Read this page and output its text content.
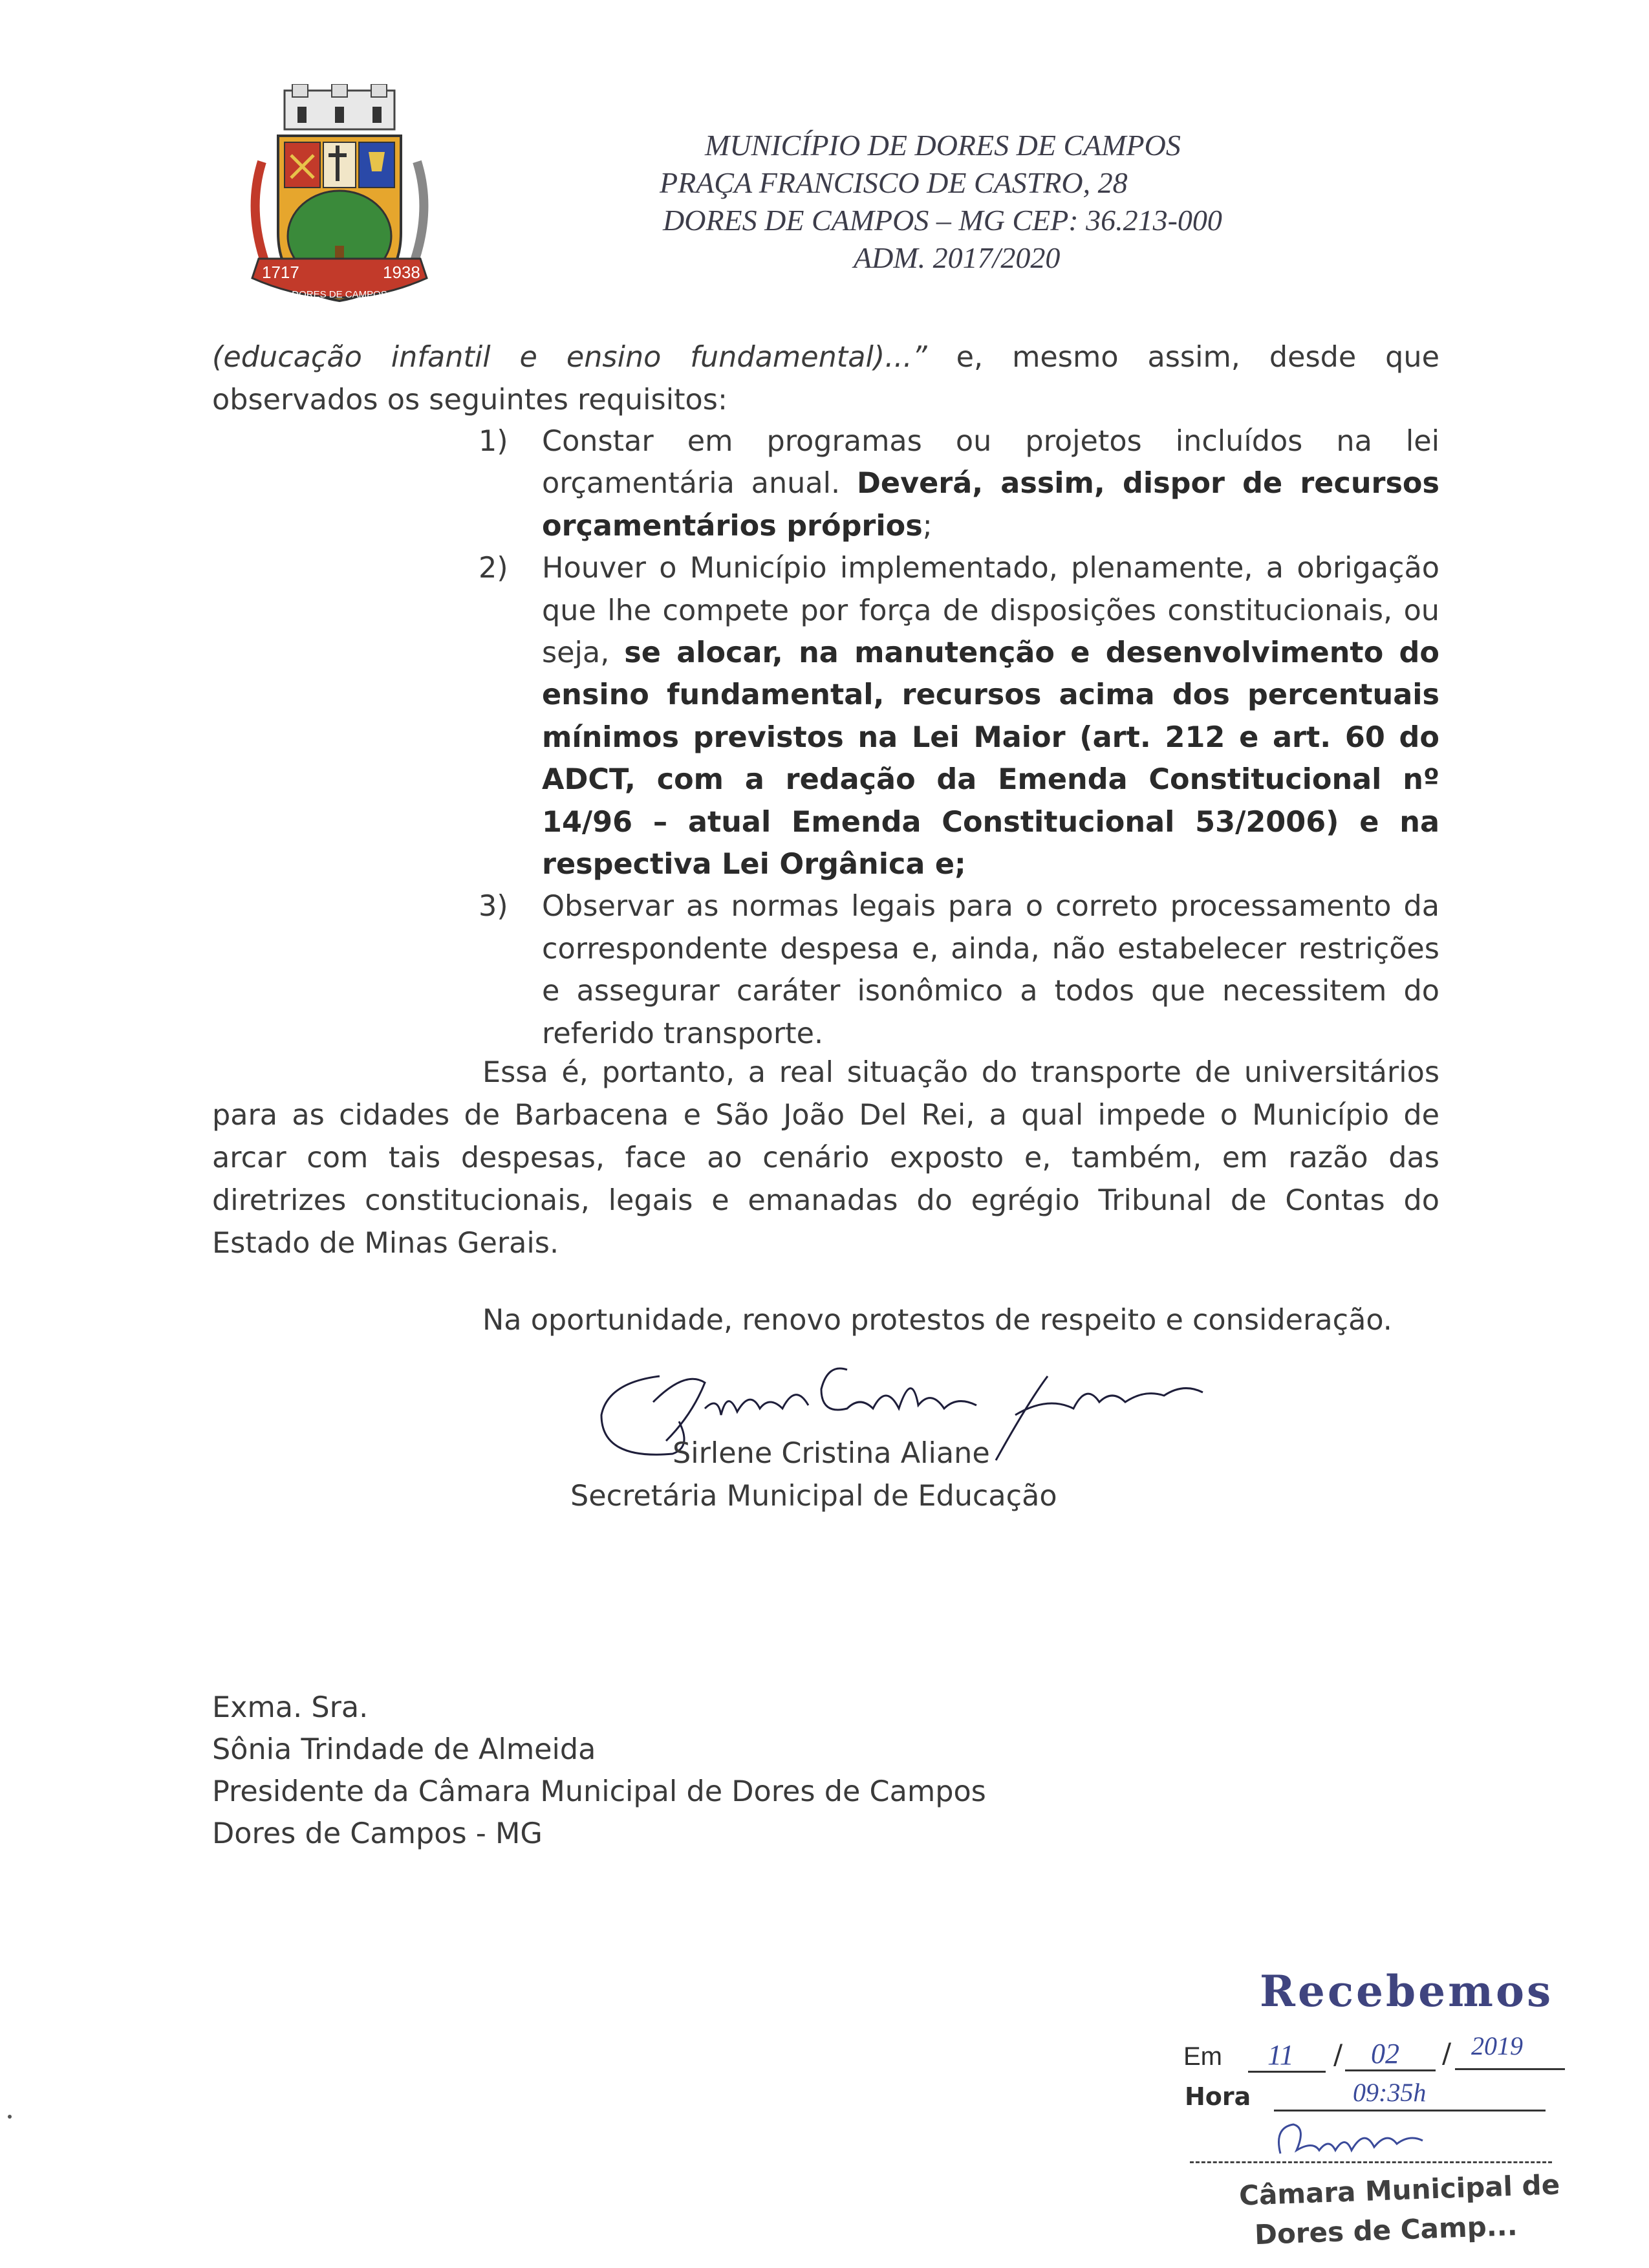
1717	1938
DORES DE CAMPOS
MUNICÍPIO DE DORES DE CAMPOS
PRAÇA FRANCISCO DE CASTRO, 28
DORES DE CAMPOS – MG CEP: 36.213-000
ADM. 2017/2020
(educação infantil e ensino fundamental)...” e, mesmo assim, desde que
observados os seguintes requisitos:
1) Constar em programas ou projetos incluídos na lei orçamentária anual. Deverá, assim, dispor de recursos orçamentários próprios;
2) Houver o Município implementado, plenamente, a obrigação que lhe compete por força de disposições constitucionais, ou seja, se alocar, na manutenção e desenvolvimento do ensino fundamental, recursos acima dos percentuais mínimos previstos na Lei Maior (art. 212 e art. 60 do ADCT, com a redação da Emenda Constitucional nº 14/96 – atual Emenda Constitucional 53/2006) e na respectiva Lei Orgânica e;
3) Observar as normas legais para o correto processamento da correspondente despesa e, ainda, não estabelecer restrições e assegurar caráter isonômico a todos que necessitem do referido transporte.
Essa é, portanto, a real situação do transporte de universitários
para as cidades de Barbacena e São João Del Rei, a qual impede o Município de
arcar com tais despesas, face ao cenário exposto e, também, em razão das
diretrizes constitucionais, legais e emanadas do egrégio Tribunal de Contas do
Estado de Minas Gerais.
Na oportunidade, renovo protestos de respeito e consideração.
Sirlene Cristina Aliane
Secretária Municipal de Educação
Exma. Sra.
Sônia Trindade de Almeida
Presidente da Câmara Municipal de Dores de Campos
Dores de Campos - MG
Recebemos
Em 11	02	2019
/	/
Hora	09:35h
Câmara Municipal de
Dores de Camp...
